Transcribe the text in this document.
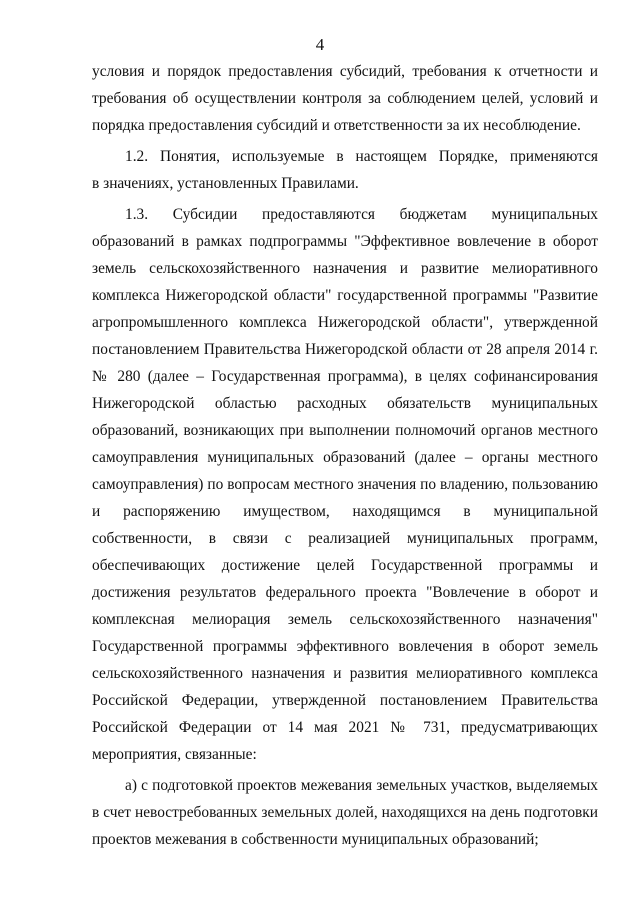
4
условия и порядок предоставления субсидий, требования к отчетности и
требования об осуществлении контроля за соблюдением целей, условий и
порядка предоставления субсидий и ответственности за их несоблюдение.
1.2. Понятия, используемые в настоящем Порядке, применяются
в значениях, установленных Правилами.
1.3. Субсидии предоставляются бюджетам муниципальных
образований в рамках подпрограммы "Эффективное вовлечение в оборот
земель сельскохозяйственного назначения и развитие мелиоративного
комплекса Нижегородской области" государственной программы "Развитие
агропромышленного комплекса Нижегородской области", утвержденной
постановлением Правительства Нижегородской области от 28 апреля 2014 г.
№ 280 (далее – Государственная программа), в целях софинансирования
Нижегородской областью расходных обязательств муниципальных
образований, возникающих при выполнении полномочий органов местного
самоуправления муниципальных образований (далее – органы местного
самоуправления) по вопросам местного значения по владению, пользованию
и распоряжению имуществом, находящимся в муниципальной
собственности, в связи с реализацией муниципальных программ,
обеспечивающих достижение целей Государственной программы и
достижения результатов федерального проекта "Вовлечение в оборот и
комплексная мелиорация земель сельскохозяйственного назначения"
Государственной программы эффективного вовлечения в оборот земель
сельскохозяйственного назначения и развития мелиоративного комплекса
Российской Федерации, утвержденной постановлением Правительства
Российской Федерации от 14 мая 2021 № 731, предусматривающих
мероприятия, связанные:
а) с подготовкой проектов межевания земельных участков, выделяемых
в счет невостребованных земельных долей, находящихся на день подготовки
проектов межевания в собственности муниципальных образований;
